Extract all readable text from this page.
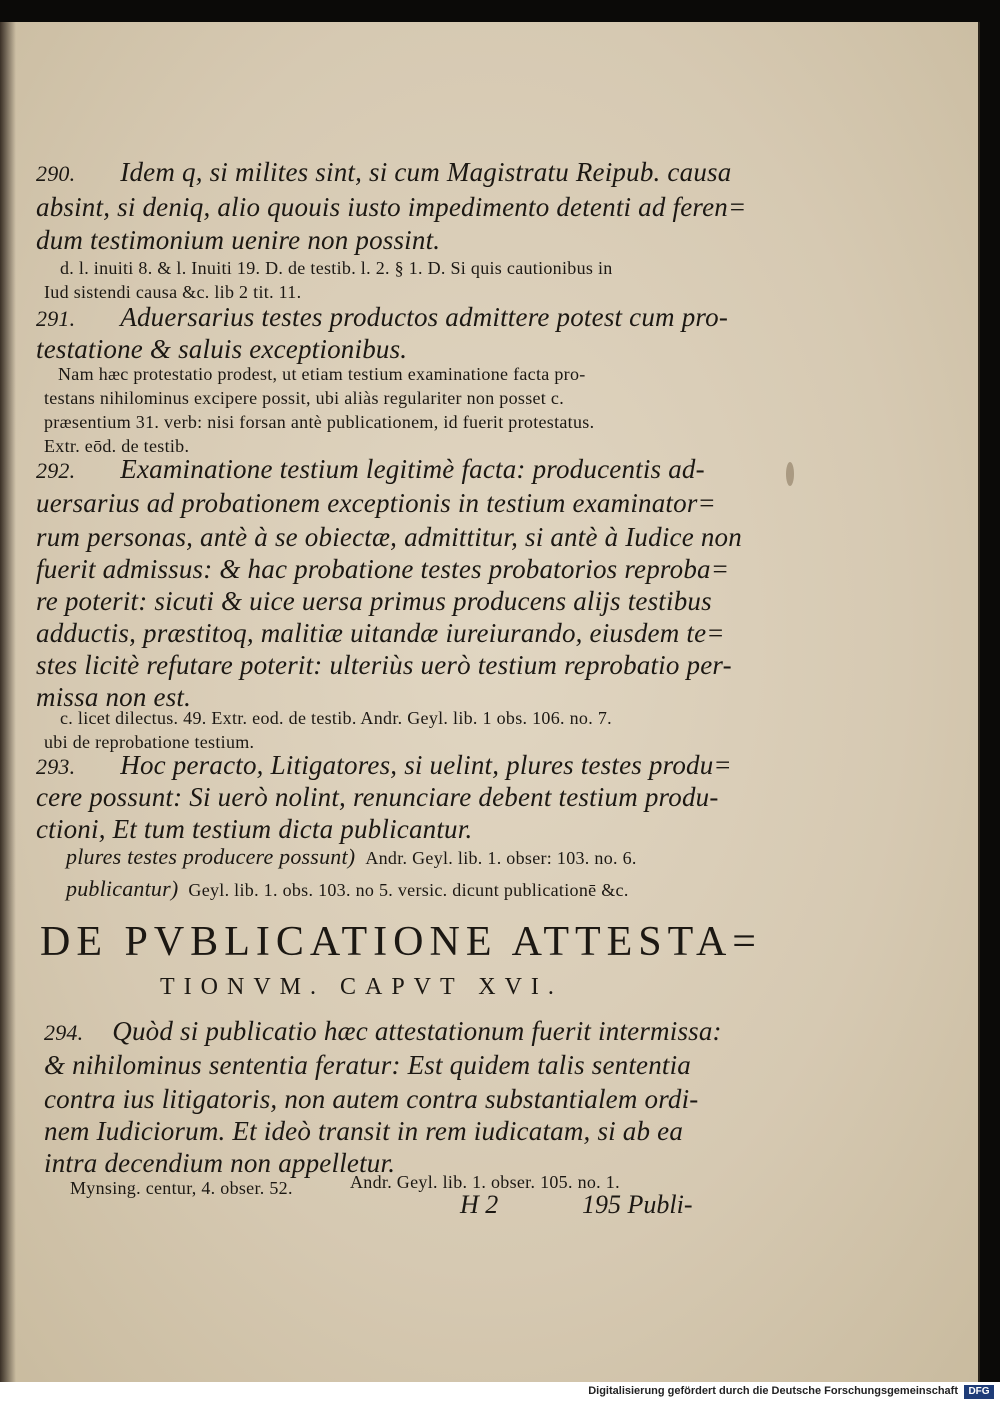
290. Idem q, si milites sint, si cum Magistratu Reipub. causa
absint, si deniq, alio quouis iusto impedimento detenti ad feren=
dum testimonium uenire non possint.
d. l. inuiti 8. & l. Inuiti 19. D. de testib. l. 2. § 1. D. Si quis cautionibus in
Iud sistendi causa &c. lib 2 tit. 11.
291. Aduersarius testes productos admittere potest cum pro-
testatione & saluis exceptionibus.
Nam hæc protestatio prodest, ut etiam testium examinatione facta pro-
testans nihilominus excipere possit, ubi aliàs regulariter non posset c.
præsentium 31. verb: nisi forsan antè publicationem, id fuerit protestatus.
Extr. eōd. de testib.
292. Examinatione testium legitimè facta: producentis ad-
uersarius ad probationem exceptionis in testium examinator=
rum personas, antè à se obiectæ, admittitur, si antè à Iudice non
fuerit admissus: & hac probatione testes probatorios reproba=
re poterit: sicuti & uice uersa primus producens alijs testibus
adductis, præstitoq, malitiæ uitandæ iureiurando, eiusdem te=
stes licitè refutare poterit: ulteriùs uerò testium reprobatio per-
missa non est.
c. licet dilectus. 49. Extr. eod. de testib. Andr. Geyl. lib. 1 obs. 106. no. 7.
ubi de reprobatione testium.
293. Hoc peracto, Litigatores, si uelint, plures testes produ=
cere possunt: Si uerò nolint, renunciare debent testium produ-
ctioni, Et tum testium dicta publicantur.
plures testes producere possunt) Andr. Geyl. lib. 1. obser: 103. no. 6.
publicantur) Geyl. lib. 1. obs. 103. no 5. versic. dicunt publicationē &c.
DE PVBLICATIONE ATTESTA=
TIONVM. CAPVT XVI.
294. Quòd si publicatio hæc attestationum fuerit intermissa:
& nihilominus sententia feratur: Est quidem talis sententia
contra ius litigatoris, non autem contra substantialem ordi-
nem Iudiciorum. Et ideò transit in rem iudicatam, si ab ea
intra decendium non appelletur.
Mynsing. centur, 4. obser. 52.	Andr. Geyl. lib. 1. obser. 105. no. 1.
H 2	195 Publi-
Digitalisierung gefördert durch die Deutsche Forschungsgemeinschaft	DFG
